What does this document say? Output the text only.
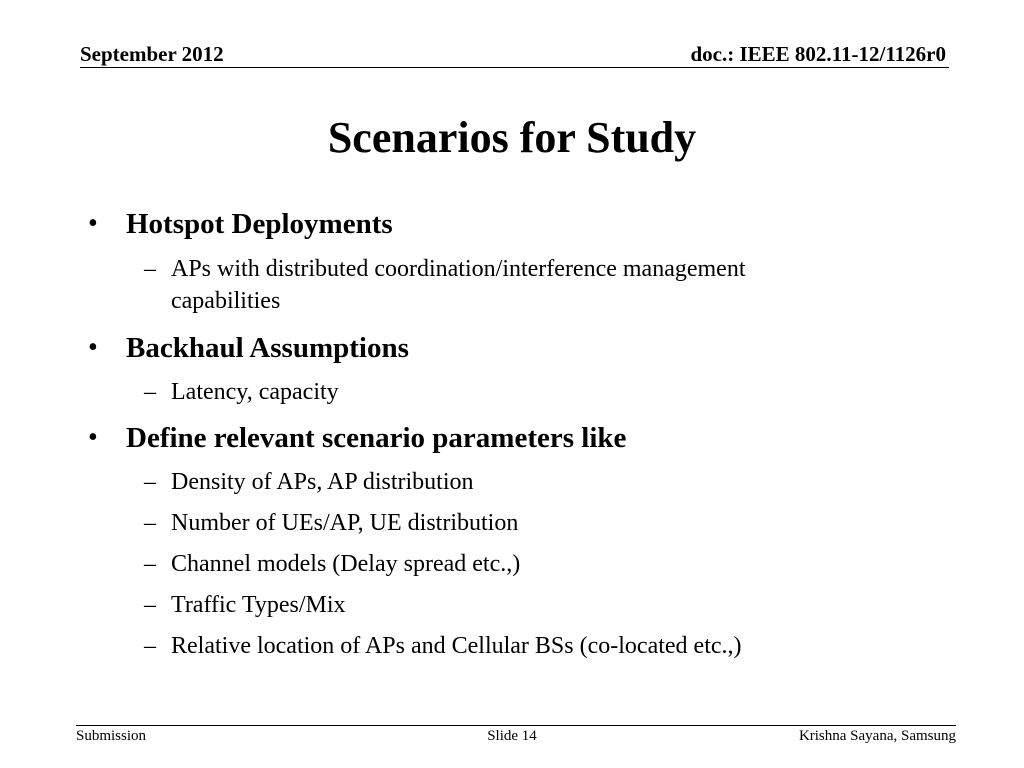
September 2012	doc.: IEEE 802.11-12/1126r0
Scenarios for Study
• Hotspot Deployments
– APs with distributed coordination/interference management
capabilities
• Backhaul Assumptions
– Latency, capacity
• Define relevant scenario parameters like
– Density of APs, AP distribution
– Number of UEs/AP, UE distribution
– Channel models (Delay spread etc.,)
– Traffic Types/Mix
– Relative location of APs and Cellular BSs (co-located etc.,)
Submission	Slide 14	Krishna Sayana, Samsung
